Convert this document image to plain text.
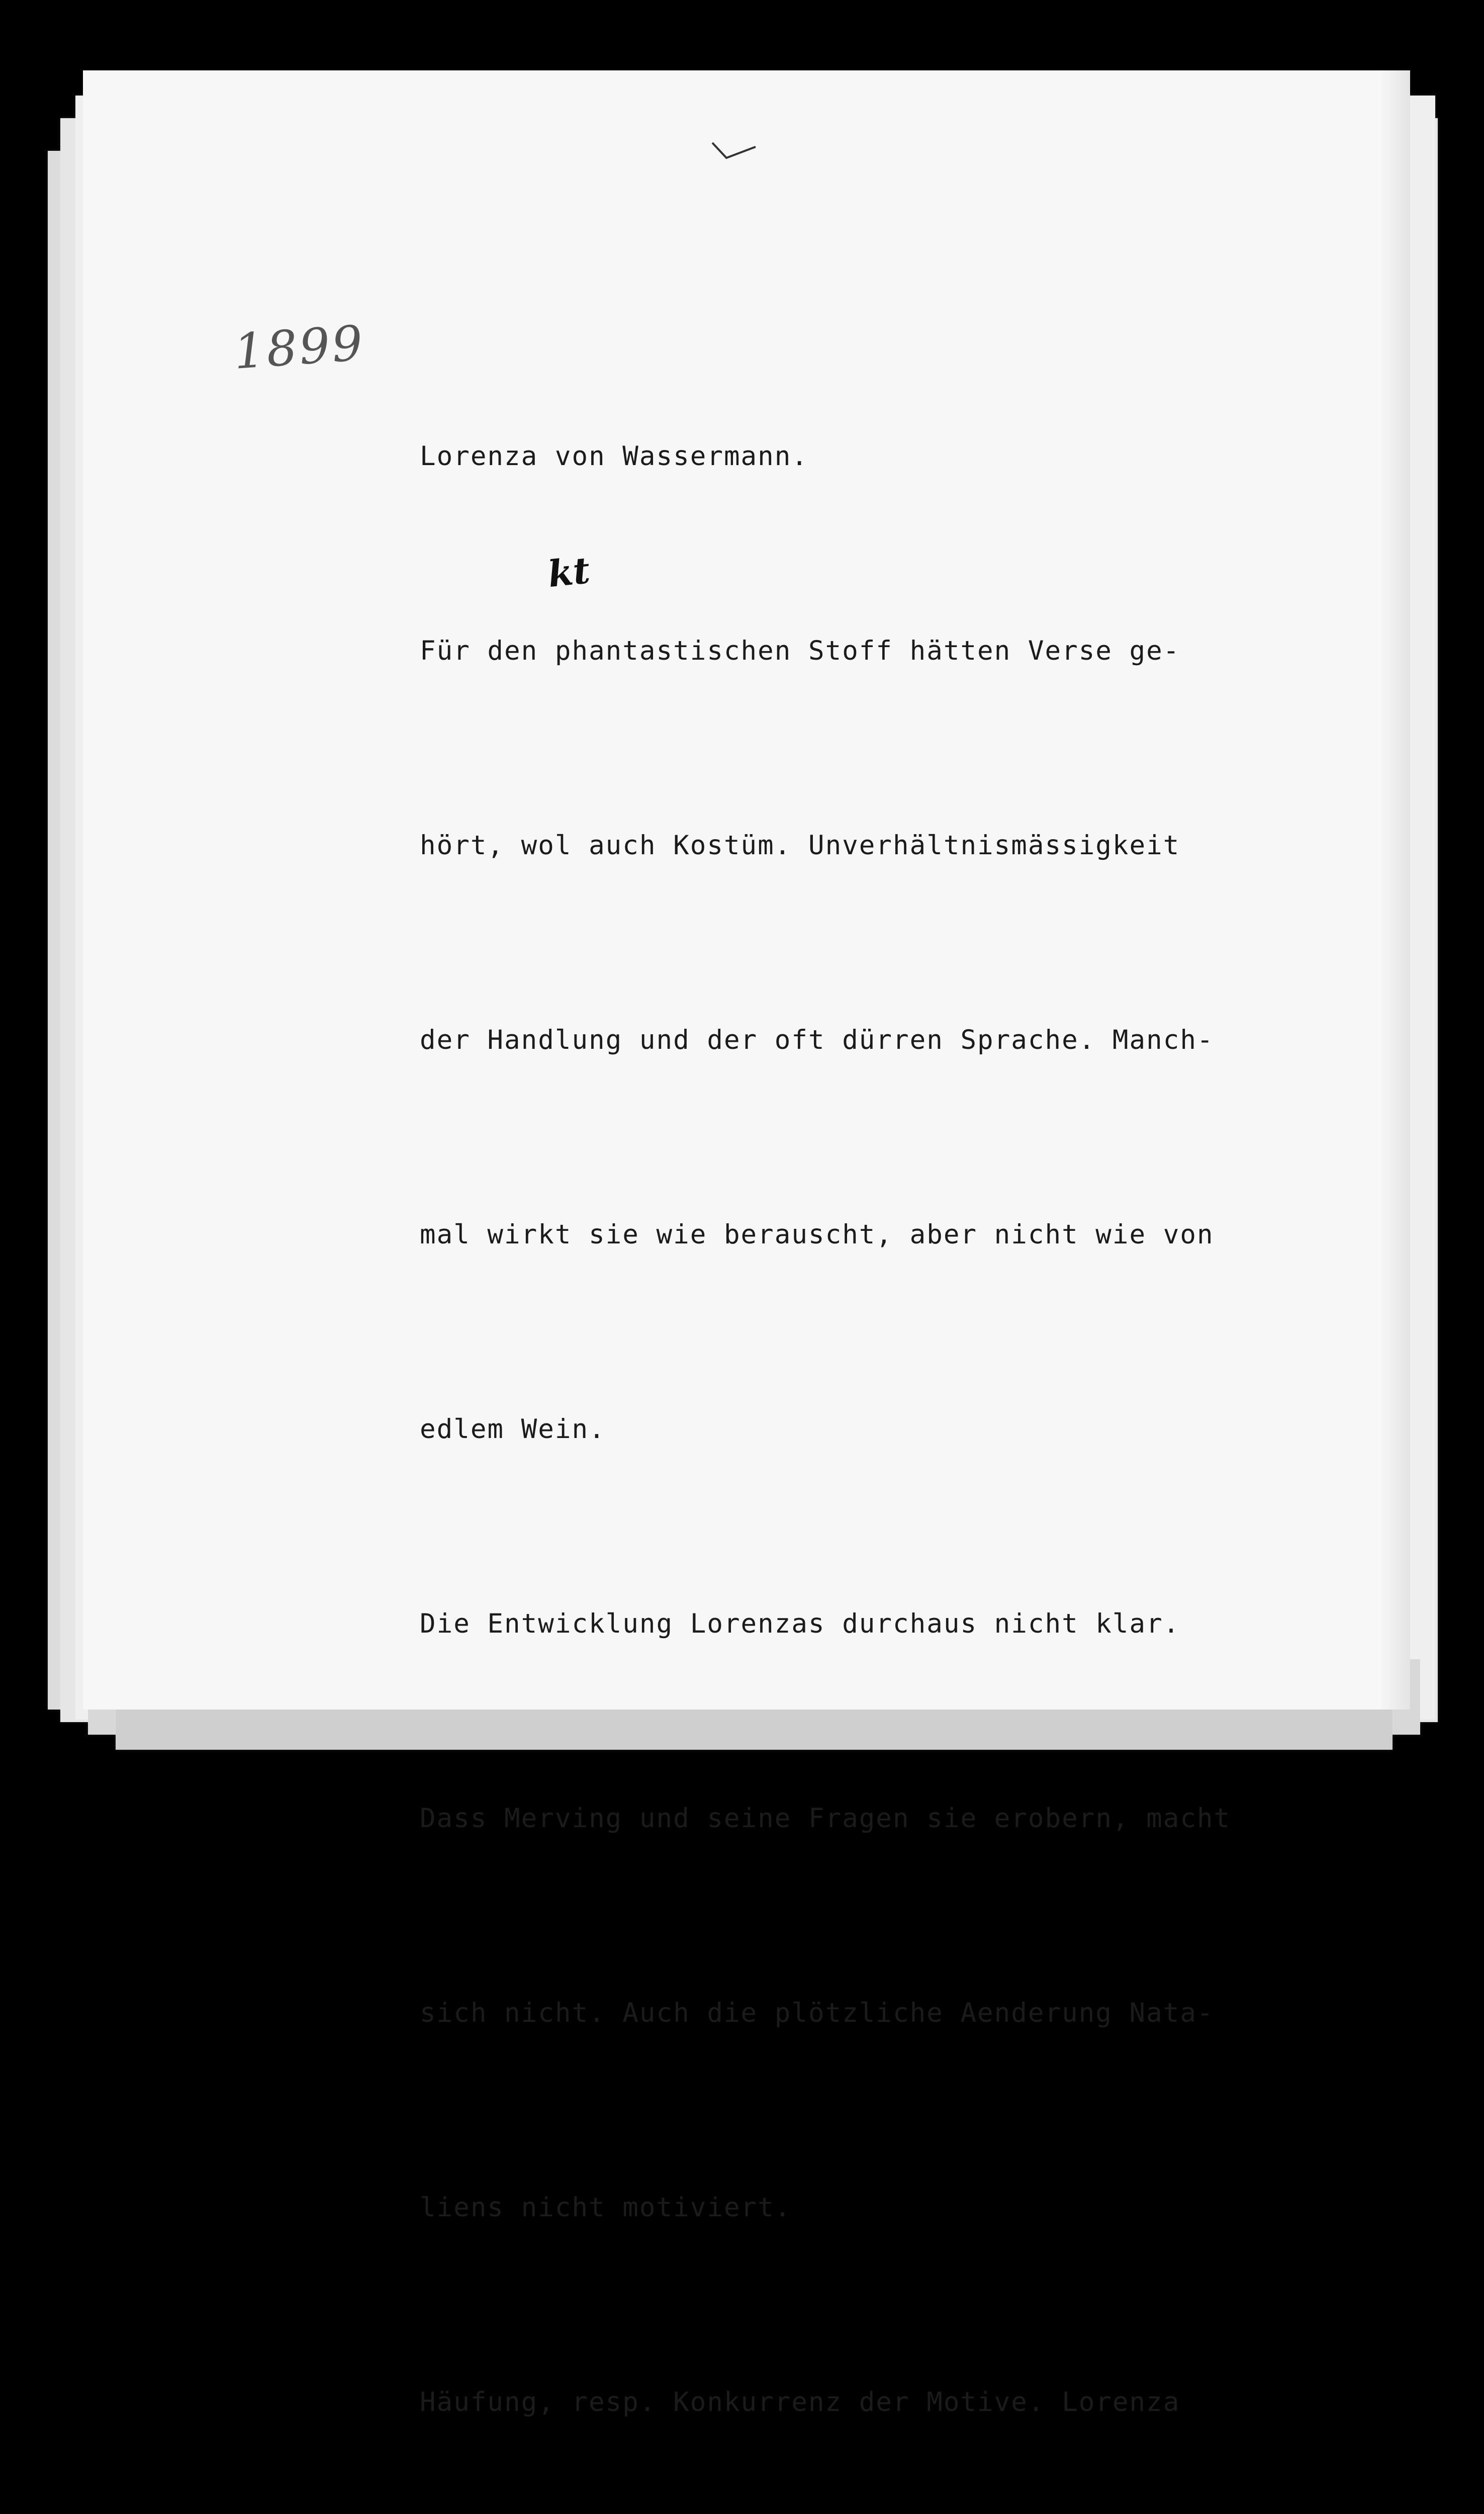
1899
kt

Lorenza von Wassermann.

Für den phantastischen Stoff hätten Verse ge-

hört, wol auch Kostüm. Unverhältnismässigkeit

der Handlung und der oft dürren Sprache. Manch-

mal wirkt sie wie berauscht, aber nicht wie von

edlem Wein.

Die Entwicklung Lorenzas durchaus nicht klar.

Dass Merving und seine Fragen sie erobern, macht

sich nicht. Auch die plötzliche Aenderung Nata-

liens nicht motiviert.

Häufung, resp. Konkurrenz der Motive. Lorenza
